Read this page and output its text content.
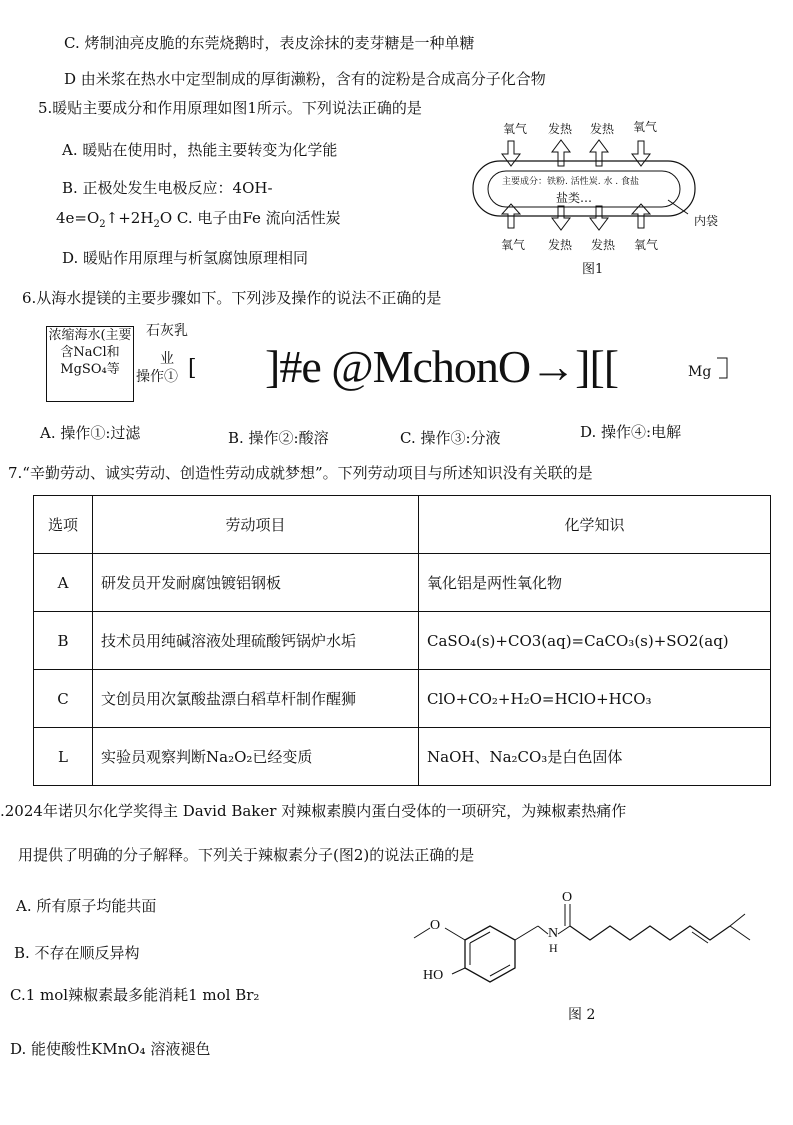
C. 烤制油亮皮脆的东莞烧鹅时，表皮涂抹的麦芽糖是一种单糖
D 由米浆在热水中定型制成的厚街濑粉，含有的淀粉是合成高分子化合物
5.暖贴主要成分和作用原理如图1所示。下列说法正确的是
A. 暖贴在使用时，热能主要转变为化学能
B. 正极处发生电极反应：4OH-
$4e=O_2↑+2H_2O$ C. 电子由Fe 流向活性炭
D. 暖贴作用原理与析氢腐蚀原理相同
氧气 发热 发热 氧气
主要成分：铁粉. 活性炭. 水 . 食盐
盐类…
氧气 发热 发热 氧气
内袋
图1
6.从海水提镁的主要步骤如下。下列涉及操作的说法不正确的是
浓缩海水(主要含NaCl和MgSO₄等
石灰乳
业
操作① [ ]#e @MchonO→][[	Mg
A. 操作①:过滤	B. 操作②:酸溶	C. 操作③:分液	D. 操作④:电解
7.“辛勤劳动、诚实劳动、创造性劳动成就梦想”。下列劳动项目与所述知识没有关联的是
选项	劳动项目	化学知识
A	研发员开发耐腐蚀镀铝钢板	氧化铝是两性氧化物
B	技术员用纯碱溶液处理硫酸钙锅炉水垢	CaSO₄(s)+CO3(aq)=CaCO₃(s)+SO2(aq)
C	文创员用次氯酸盐漂白稻草杆制作醒狮	ClO+CO₂+H₂O=HClO+HCO₃
L	实验员观察判断Na₂O₂已经变质	NaOH、Na₂CO₃是白色固体
.2024年诺贝尔化学奖得主 David Baker 对辣椒素膜内蛋白受体的一项研究，为辣椒素热痛作
用提供了明确的分子解释。下列关于辣椒素分子(图2)的说法正确的是
A. 所有原子均能共面
B. 不存在顺反异构
C.1 mol辣椒素最多能消耗1 mol Br₂
D. 能使酸性KMnO₄ 溶液褪色
O
HO
N
H
O
图 2
